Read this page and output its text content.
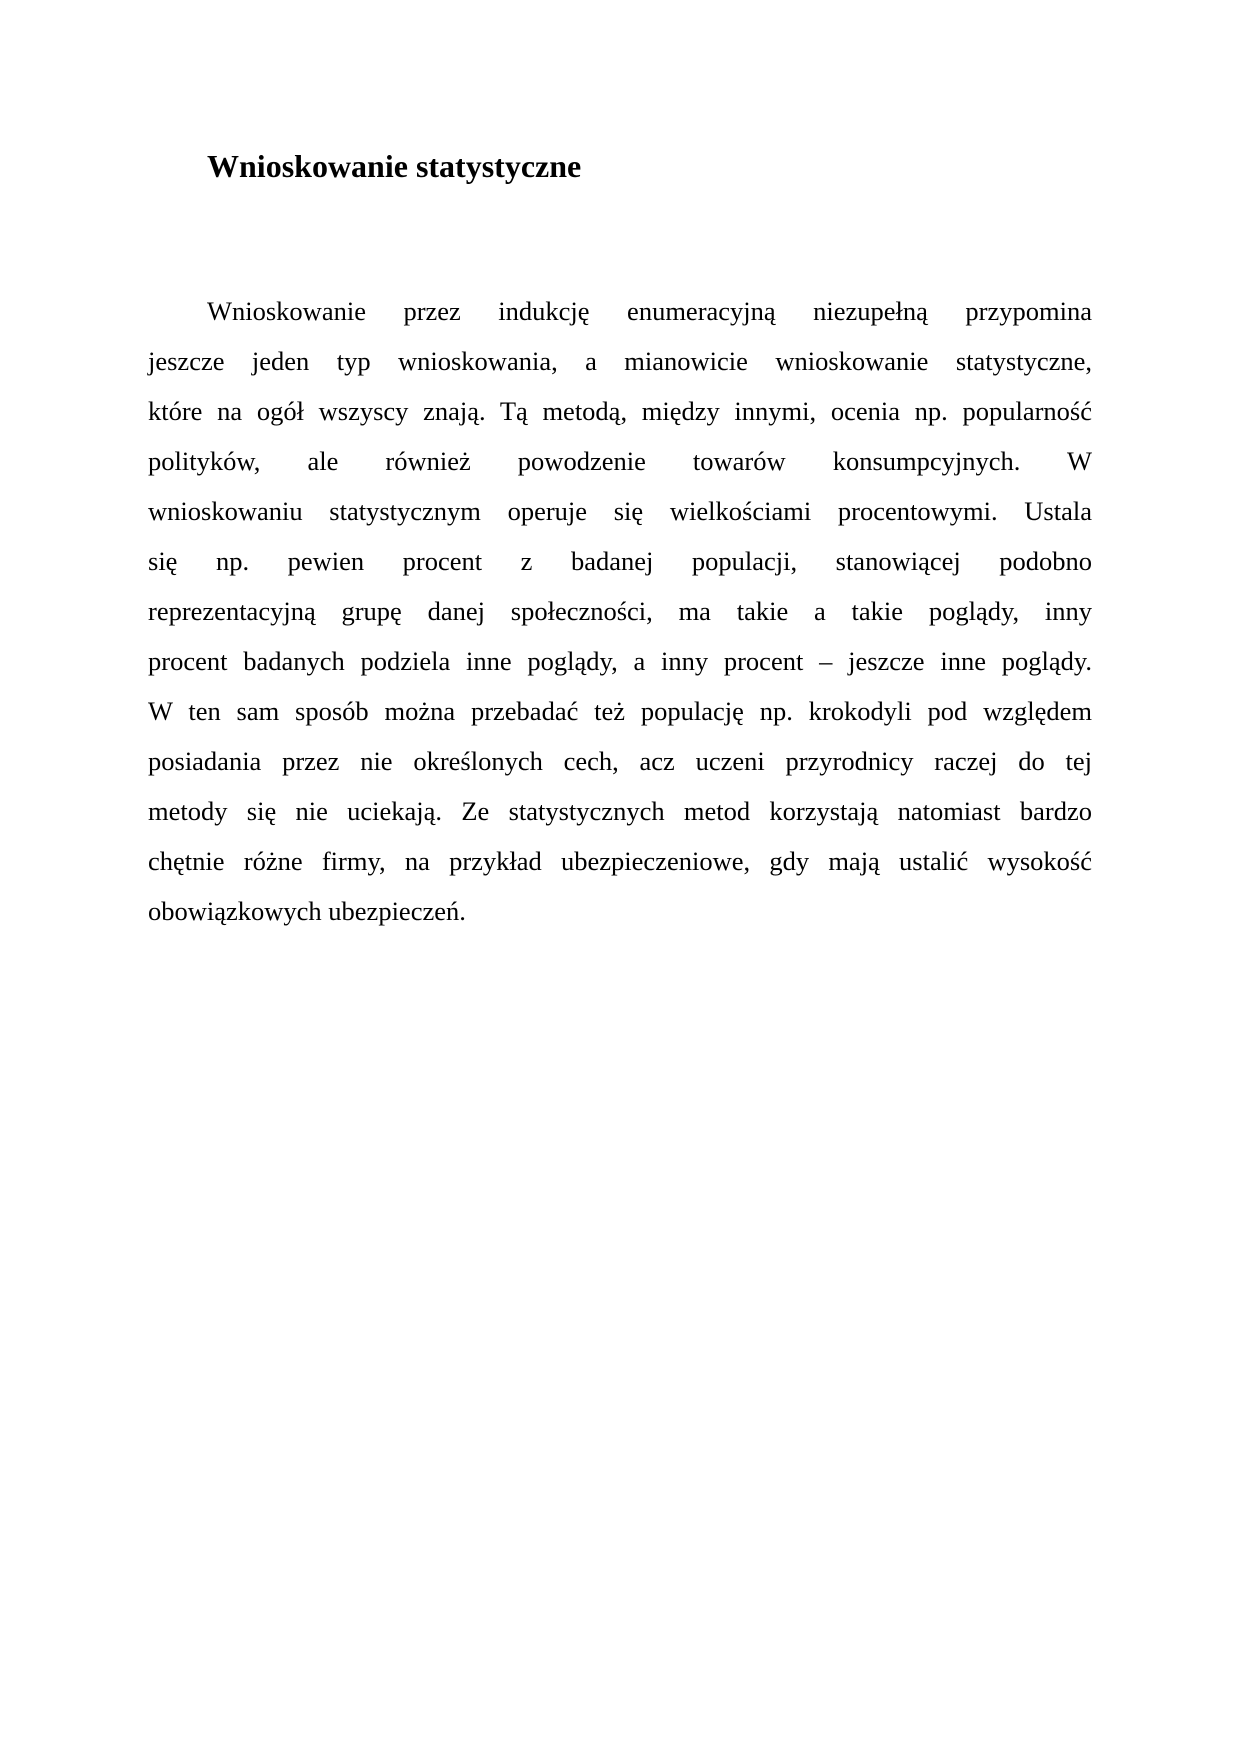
Wnioskowanie statystyczne
Wnioskowanie przez indukcję enumeracyjną niezupełną przypomina
jeszcze jeden typ wnioskowania, a mianowicie wnioskowanie statystyczne,
które na ogół wszyscy znają. Tą metodą, między innymi, ocenia np. popularność
polityków, ale również powodzenie towarów konsumpcyjnych. W
wnioskowaniu statystycznym operuje się wielkościami procentowymi. Ustala
się np. pewien procent z badanej populacji, stanowiącej podobno
reprezentacyjną grupę danej społeczności, ma takie a takie poglądy, inny
procent badanych podziela inne poglądy, a inny procent – jeszcze inne poglądy.
W ten sam sposób można przebadać też populację np. krokodyli pod względem
posiadania przez nie określonych cech, acz uczeni przyrodnicy raczej do tej
metody się nie uciekają. Ze statystycznych metod korzystają natomiast bardzo
chętnie różne firmy, na przykład ubezpieczeniowe, gdy mają ustalić wysokość
obowiązkowych ubezpieczeń.
